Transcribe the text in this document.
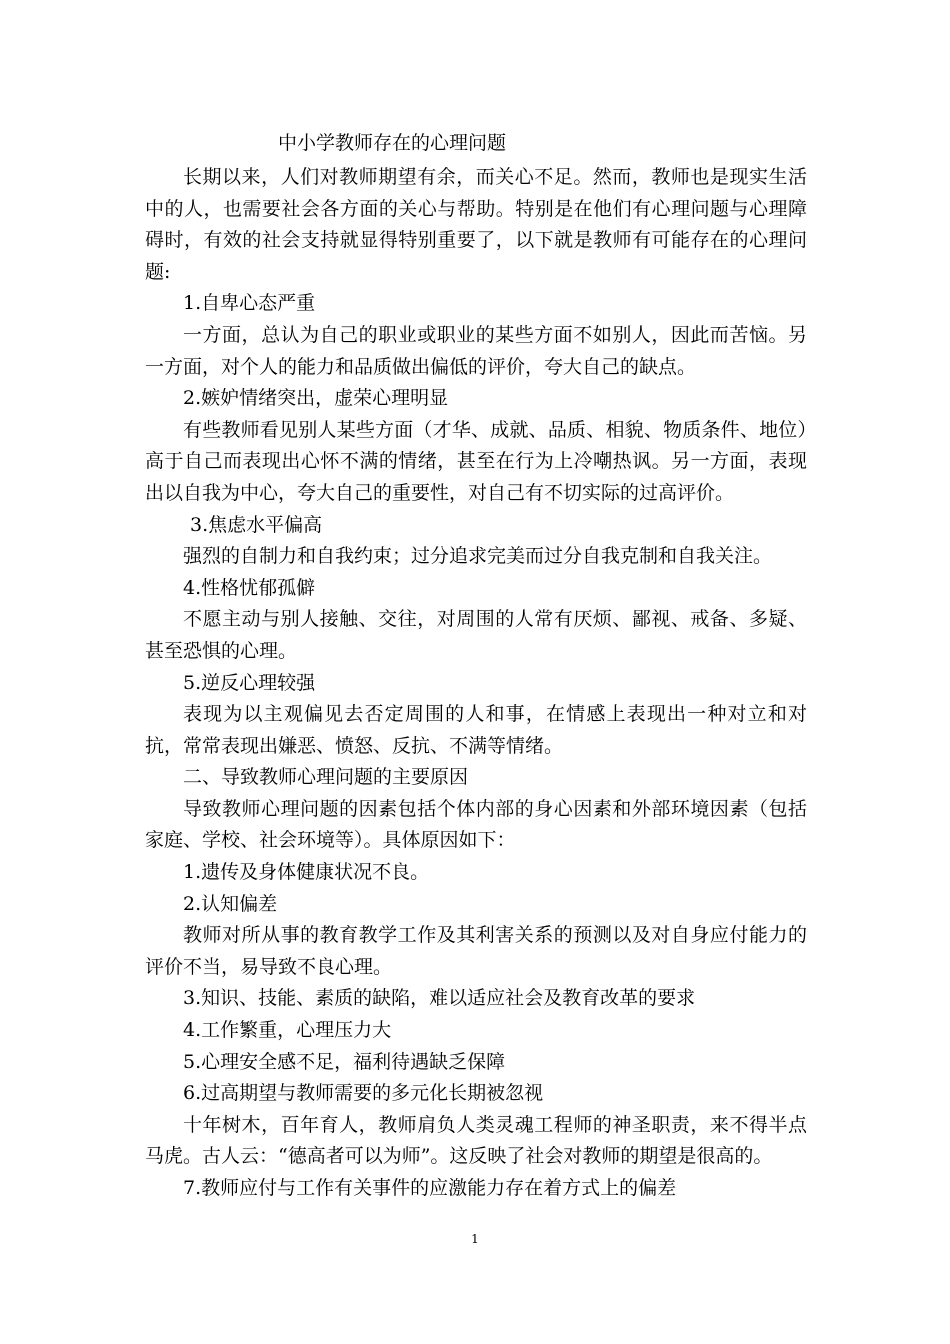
中小学教师存在的心理问题

长期以来，人们对教师期望有余，而关心不足。然而，教师也是现实生活中的人，也需要社会各方面的关心与帮助。特别是在他们有心理问题与心理障碍时，有效的社会支持就显得特别重要了，以下就是教师有可能存在的心理问题:

1.自卑心态严重

一方面，总认为自己的职业或职业的某些方面不如别人，因此而苦恼。另一方面，对个人的能力和品质做出偏低的评价，夸大自己的缺点。

2.嫉妒情绪突出，虚荣心理明显

有些教师看见别人某些方面（才华、成就、品质、相貌、物质条件、地位）高于自己而表现出心怀不满的情绪，甚至在行为上冷嘲热讽。另一方面，表现出以自我为中心，夸大自己的重要性，对自己有不切实际的过高评价。

3.焦虑水平偏高

强烈的自制力和自我约束；过分追求完美而过分自我克制和自我关注。

4.性格忧郁孤僻

不愿主动与别人接触、交往，对周围的人常有厌烦、鄙视、戒备、多疑、甚至恐惧的心理。

5.逆反心理较强

表现为以主观偏见去否定周围的人和事，在情感上表现出一种对立和对抗，常常表现出嫌恶、愤怒、反抗、不满等情绪。

二、导致教师心理问题的主要原因

导致教师心理问题的因素包括个体内部的身心因素和外部环境因素（包括家庭、学校、社会环境等）。具体原因如下：

1.遗传及身体健康状况不良。

2.认知偏差

教师对所从事的教育教学工作及其利害关系的预测以及对自身应付能力的评价不当，易导致不良心理。

3.知识、技能、素质的缺陷，难以适应社会及教育改革的要求

4.工作繁重，心理压力大

5.心理安全感不足，福利待遇缺乏保障

6.过高期望与教师需要的多元化长期被忽视

十年树木，百年育人，教师肩负人类灵魂工程师的神圣职责，来不得半点马虎。古人云：“德高者可以为师”。这反映了社会对教师的期望是很高的。

7.教师应付与工作有关事件的应激能力存在着方式上的偏差

1
